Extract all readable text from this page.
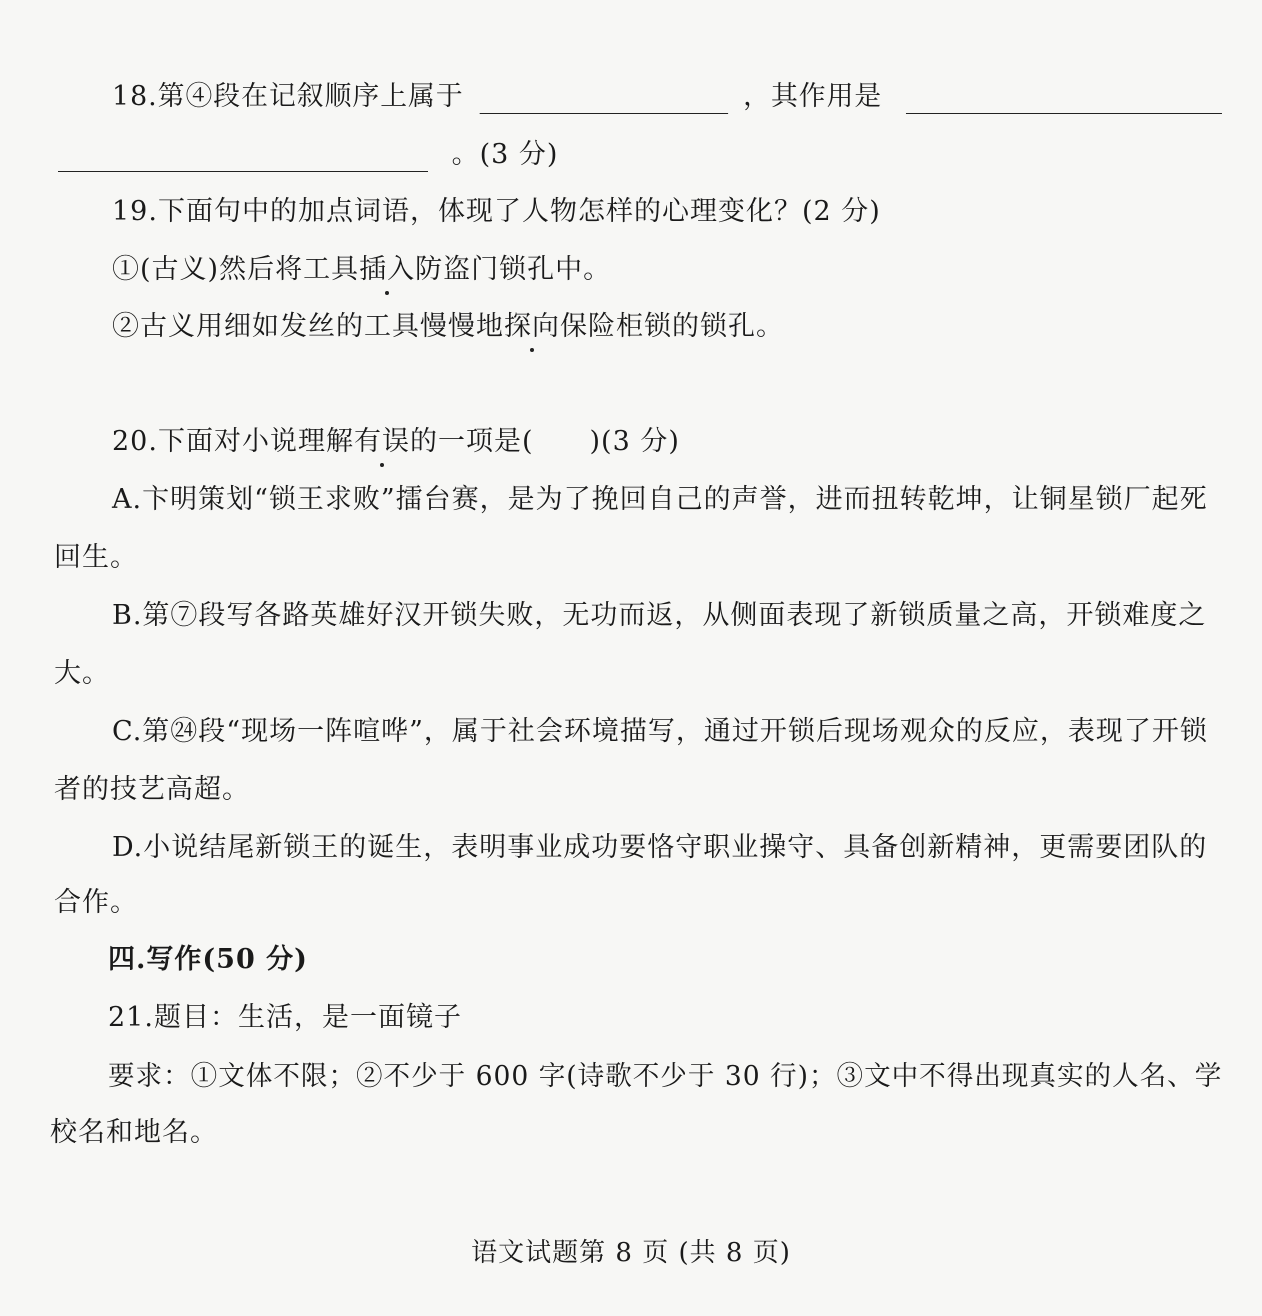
18.第④段在记叙顺序上属于	，其作用是
。(3 分)
19.下面句中的加点词语，体现了人物怎样的心理变化？(2 分)
①(古义)然后将工具插入防盗门锁孔中。
②古义用细如发丝的工具慢慢地探向保险柜锁的锁孔。
20.下面对小说理解有误的一项是( )(3 分)
A.卞明策划“锁王求败”擂台赛，是为了挽回自己的声誉，进而扭转乾坤，让铜星锁厂起死
回生。
B.第⑦段写各路英雄好汉开锁失败，无功而返，从侧面表现了新锁质量之高，开锁难度之
大。
C.第㉔段“现场一阵喧哗”，属于社会环境描写，通过开锁后现场观众的反应，表现了开锁
者的技艺高超。
D.小说结尾新锁王的诞生，表明事业成功要恪守职业操守、具备创新精神，更需要团队的
合作。
四.写作(50 分)
21.题目：生活，是一面镜子
要求：①文体不限；②不少于 600 字(诗歌不少于 30 行)；③文中不得出现真实的人名、学
校名和地名。
语文试题第 8 页 (共 8 页)
